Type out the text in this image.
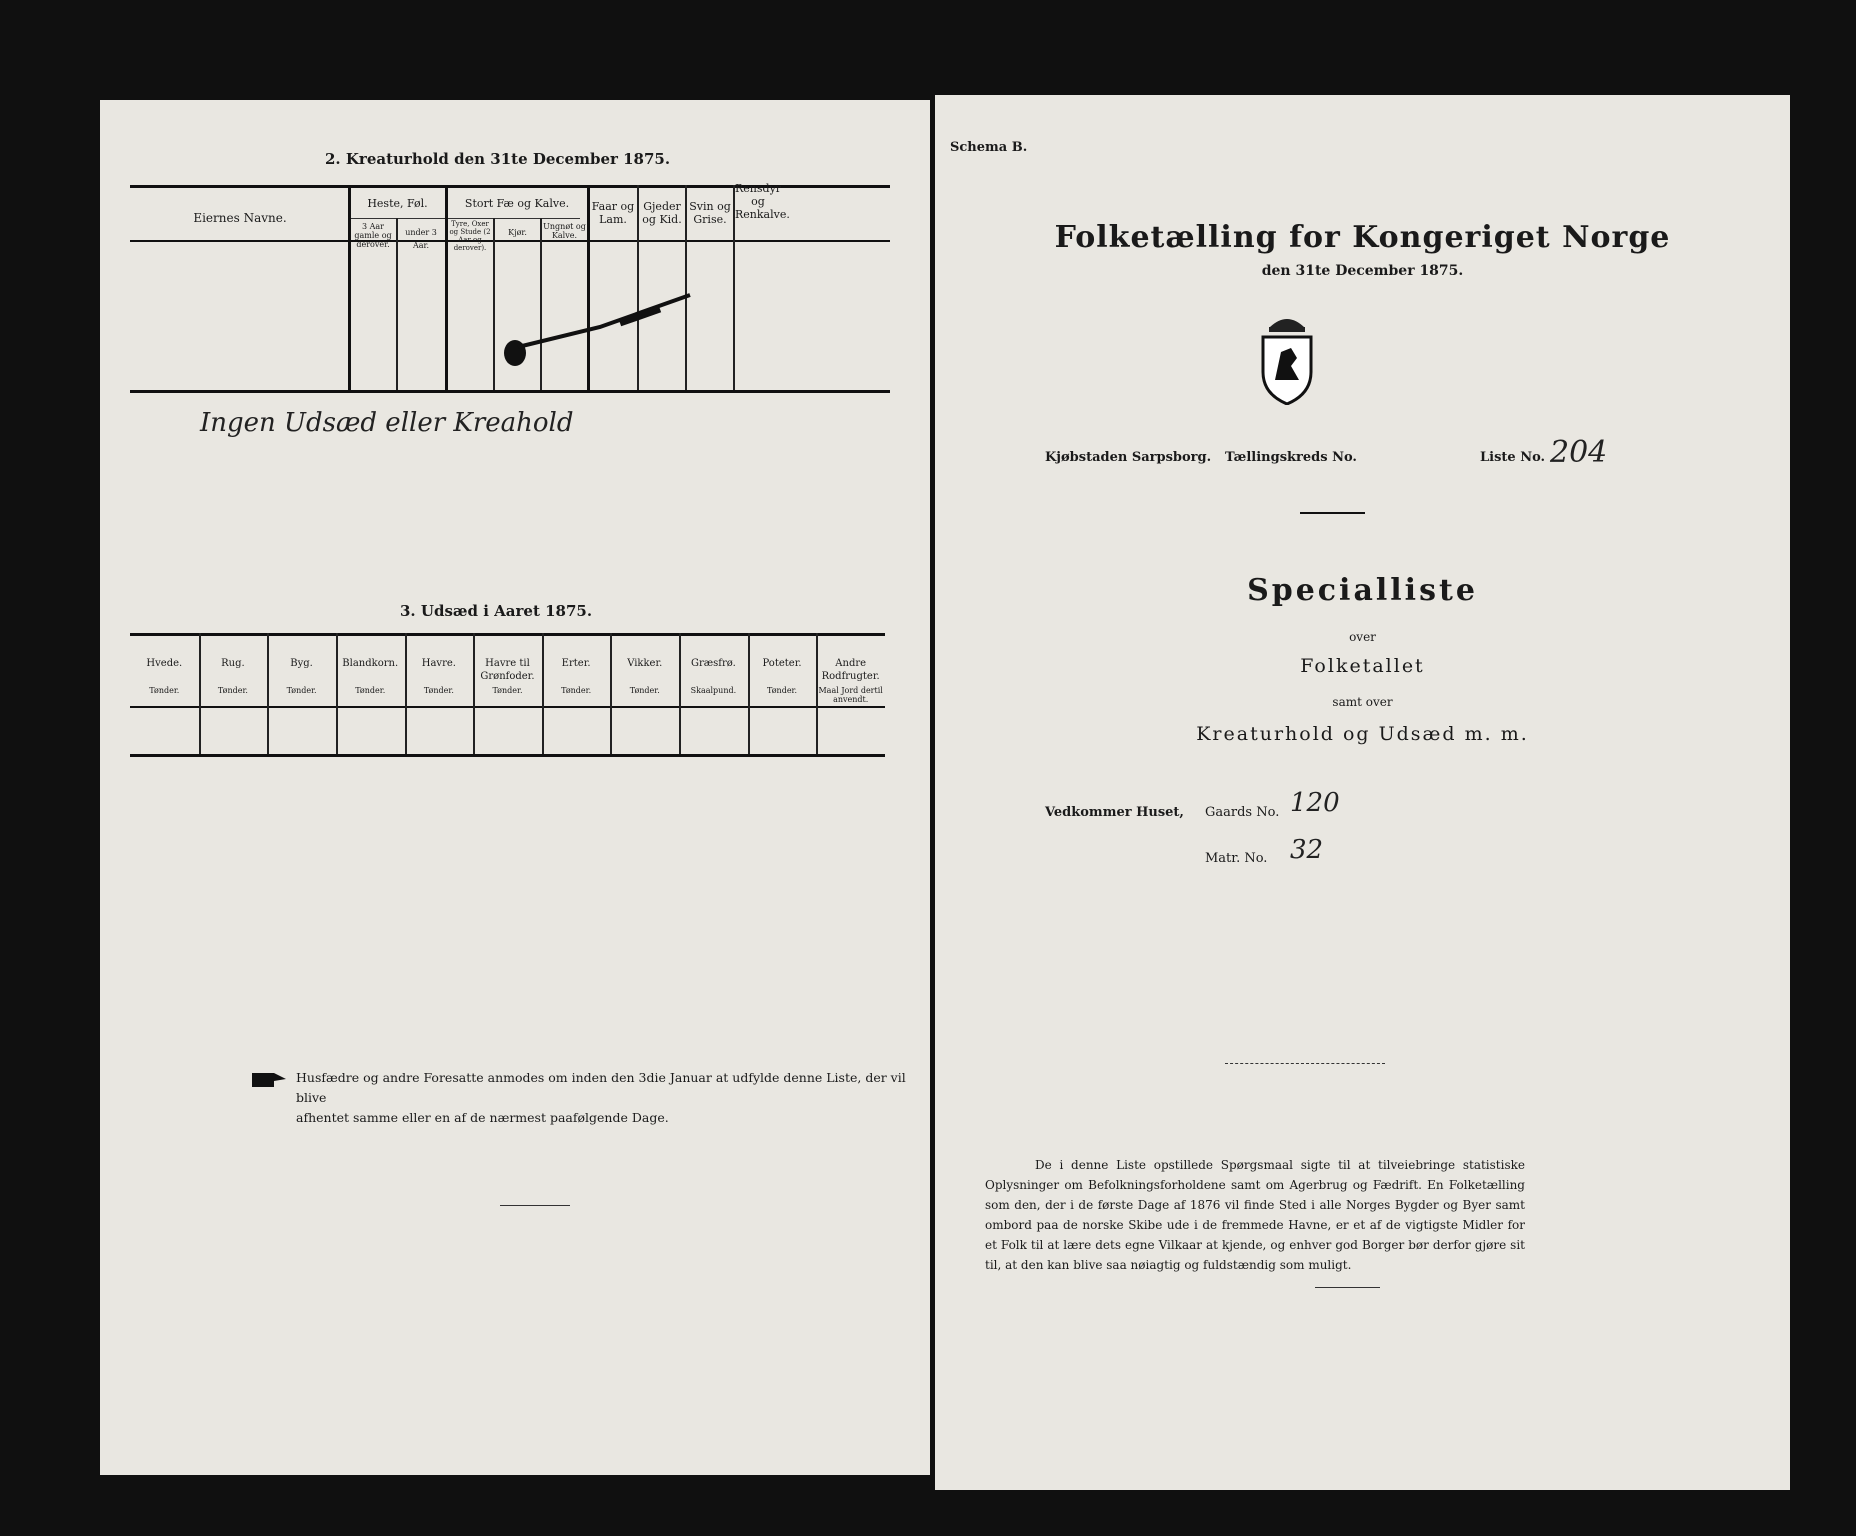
2. Kreaturhold den 31te December 1875.
Eiernes Navne.
Heste, Føl.
3 Aar gamle og derover.
under 3 Aar.
Stort Fæ og Kalve.
Tyre, Oxer og Stude (2 Aar og derover).
Kjør.
Ungnøt og Kalve.
Faar og Lam.
Gjeder og Kid.
Svin og Grise.
Rensdyr og Renkalve.
Ingen Udsæd eller Kreahold
3. Udsæd i Aaret 1875.
Hvede.
Tønder.
Rug.
Tønder.
Byg.
Tønder.
Blandkorn.
Tønder.
Havre.
Tønder.
Havre til Grønfoder.
Tønder.
Erter.
Tønder.
Vikker.
Tønder.
Græsfrø.
Skaalpund.
Poteter.
Tønder.
Andre Rodfrugter.
Maal Jord dertil anvendt.
Husfædre og andre Foresatte anmodes om inden den 3die Januar at udfylde denne Liste, der vil blive
afhentet samme eller en af de nærmest paafølgende Dage.
Schema B.
Folketælling for Kongeriget Norge
den 31te December 1875.
Kjøbstaden Sarpsborg. Tællingskreds No.	Liste No. 204
Specialliste
over
Folketallet
samt over
Kreaturhold og Udsæd m. m.
Vedkommer Huset, Gaards No. 120
Matr. No. 32
De i denne Liste opstillede Spørgsmaal sigte til at tilveiebringe statistiske Oplysninger om Befolkningsforholdene samt om Agerbrug og Fædrift. En Folketælling som den, der i de første Dage af 1876 vil finde Sted i alle Norges Bygder og Byer samt ombord paa de norske Skibe ude i de fremmede Havne, er et af de vigtigste Midler for et Folk til at lære dets egne Vilkaar at kjende, og enhver god Borger bør derfor gjøre sit til, at den kan blive saa nøiagtig og fuldstændig som muligt.
